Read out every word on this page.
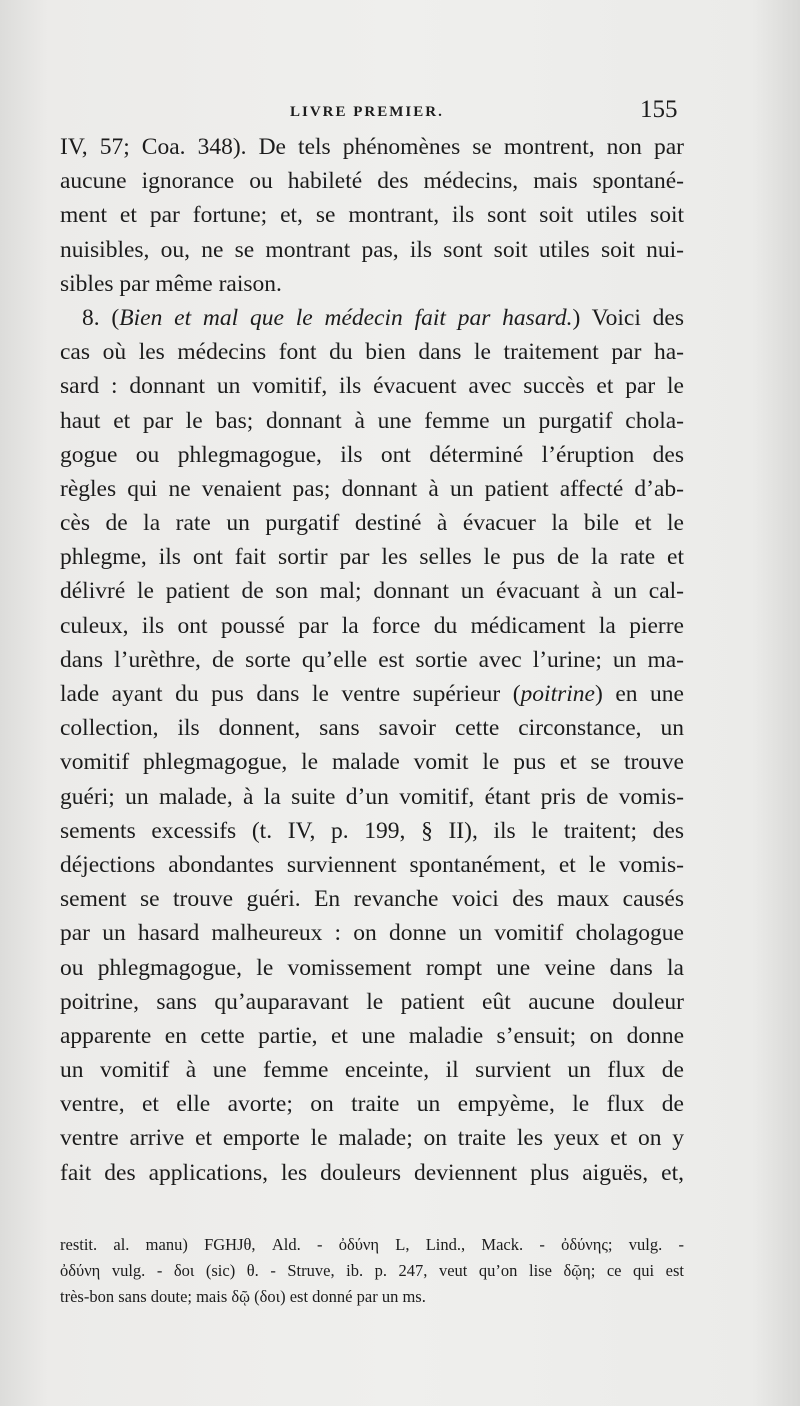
LIVRE PREMIER.	155
IV, 57; Coa. 348). De tels phénomènes se montrent, non par
aucune ignorance ou habileté des médecins, mais spontané-
ment et par fortune; et, se montrant, ils sont soit utiles soit
nuisibles, ou, ne se montrant pas, ils sont soit utiles soit nui-
sibles par même raison.
8. (Bien et mal que le médecin fait par hasard.) Voici des
cas où les médecins font du bien dans le traitement par ha-
sard : donnant un vomitif, ils évacuent avec succès et par le
haut et par le bas; donnant à une femme un purgatif chola-
gogue ou phlegmagogue, ils ont déterminé l’éruption des
règles qui ne venaient pas; donnant à un patient affecté d’ab-
cès de la rate un purgatif destiné à évacuer la bile et le
phlegme, ils ont fait sortir par les selles le pus de la rate et
délivré le patient de son mal; donnant un évacuant à un cal-
culeux, ils ont poussé par la force du médicament la pierre
dans l’urèthre, de sorte qu’elle est sortie avec l’urine; un ma-
lade ayant du pus dans le ventre supérieur (poitrine) en une
collection, ils donnent, sans savoir cette circonstance, un
vomitif phlegmagogue, le malade vomit le pus et se trouve
guéri; un malade, à la suite d’un vomitif, étant pris de vomis-
sements excessifs (t. IV, p. 199, § II), ils le traitent; des
déjections abondantes surviennent spontanément, et le vomis-
sement se trouve guéri. En revanche voici des maux causés
par un hasard malheureux : on donne un vomitif cholagogue
ou phlegmagogue, le vomissement rompt une veine dans la
poitrine, sans qu’auparavant le patient eût aucune douleur
apparente en cette partie, et une maladie s’ensuit; on donne
un vomitif à une femme enceinte, il survient un flux de
ventre, et elle avorte; on traite un empyème, le flux de
ventre arrive et emporte le malade; on traite les yeux et on y
fait des applications, les douleurs deviennent plus aiguës, et,
restit. al. manu) FGHJθ, Ald. - ὀδύνη L, Lind., Mack. - ὀδύνης; vulg. -
ὀδύνη vulg. - δοι (sic) θ. - Struve, ib. p. 247, veut qu’on lise δῷη; ce qui est
très-bon sans doute; mais δῷ (δοι) est donné par un ms.
